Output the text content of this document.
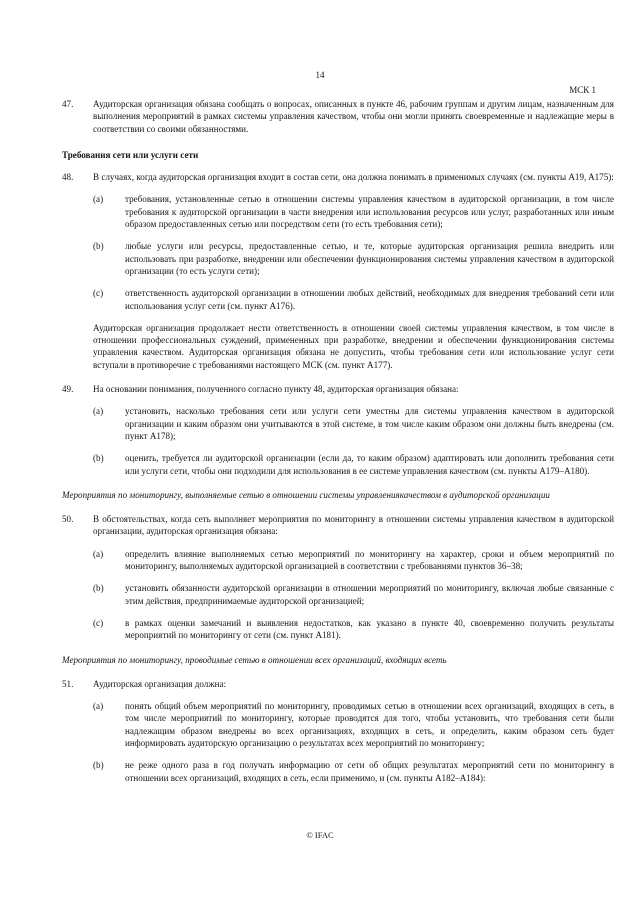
14
МСК 1
47. Аудиторская организация обязана сообщать о вопросах, описанных в пункте 46, рабочим группам и другим лицам, назначенным для выполнения мероприятий в рамках системы управления качеством, чтобы они могли принять своевременные и надлежащие меры в соответствии со своими обязанностями.
Требования сети или услуги сети
48. В случаях, когда аудиторская организация входит в состав сети, она должна понимать в применимых случаях (см. пункты A19, A175):
(a) требования, установленные сетью в отношении системы управления качеством в аудиторской организации, в том числе требования к аудиторской организации в части внедрения или использования ресурсов или услуг, разработанных или иным образом предоставленных сетью или посредством сети (то есть требования сети);
(b) любые услуги или ресурсы, предоставленные сетью, и те, которые аудиторская организация решила внедрить или использовать при разработке, внедрении или обеспечении функционирования системы управления качеством в аудиторской организации (то есть услуги сети);
(c) ответственность аудиторской организации в отношении любых действий, необходимых для внедрения требований сети или использования услуг сети (см. пункт A176).
Аудиторская организация продолжает нести ответственность в отношении своей системы управления качеством, в том числе в отношении профессиональных суждений, примененных при разработке, внедрении и обеспечении функционирования системы управления качеством. Аудиторская организация обязана не допустить, чтобы требования сети или использование услуг сети вступали в противоречие с требованиями настоящего МСК (см. пункт A177).
49. На основании понимания, полученного согласно пункту 48, аудиторская организация обязана:
(a) установить, насколько требования сети или услуги сети уместны для системы управления качеством в аудиторской организации и каким образом они учитываются в этой системе, в том числе каким образом они должны быть внедрены (см. пункт A178);
(b) оценить, требуется ли аудиторской организации (если да, то каким образом) адаптировать или дополнить требования сети или услуги сети, чтобы они подходили для использования в ее системе управления качеством (см. пункты A179–A180).
Мероприятия по мониторингу, выполняемые сетью в отношении системы управлениякачеством в аудиторской организации
50. В обстоятельствах, когда сеть выполняет мероприятия по мониторингу в отношении системы управления качеством в аудиторской организации, аудиторская организация обязана:
(a) определить влияние выполняемых сетью мероприятий по мониторингу на характер, сроки и объем мероприятий по мониторингу, выполняемых аудиторской организацией в соответствии с требованиями пунктов 36–38;
(b) установить обязанности аудиторской организации в отношении мероприятий по мониторингу, включая любые связанные с этим действия, предпринимаемые аудиторской организацией;
(c) в рамках оценки замечаний и выявления недостатков, как указано в пункте 40, своевременно получить результаты мероприятий по мониторингу от сети (см. пункт A181).
Мероприятия по мониторингу, проводимые сетью в отношении всех организаций, входящих всеть
51. Аудиторская организация должна:
(a) понять общий объем мероприятий по мониторингу, проводимых сетью в отношении всех организаций, входящих в сеть, в том числе мероприятий по мониторингу, которые проводятся для того, чтобы установить, что требования сети были надлежащим образом внедрены во всех организациях, входящих в сеть, и определить, каким образом сеть будет информировать аудиторскую организацию о результатах всех мероприятий по мониторингу;
(b) не реже одного раза в год получать информацию от сети об общих результатах мероприятий сети по мониторингу в отношении всех организаций, входящих в сеть, если применимо, и (см. пункты A182–A184):
© IFAC
